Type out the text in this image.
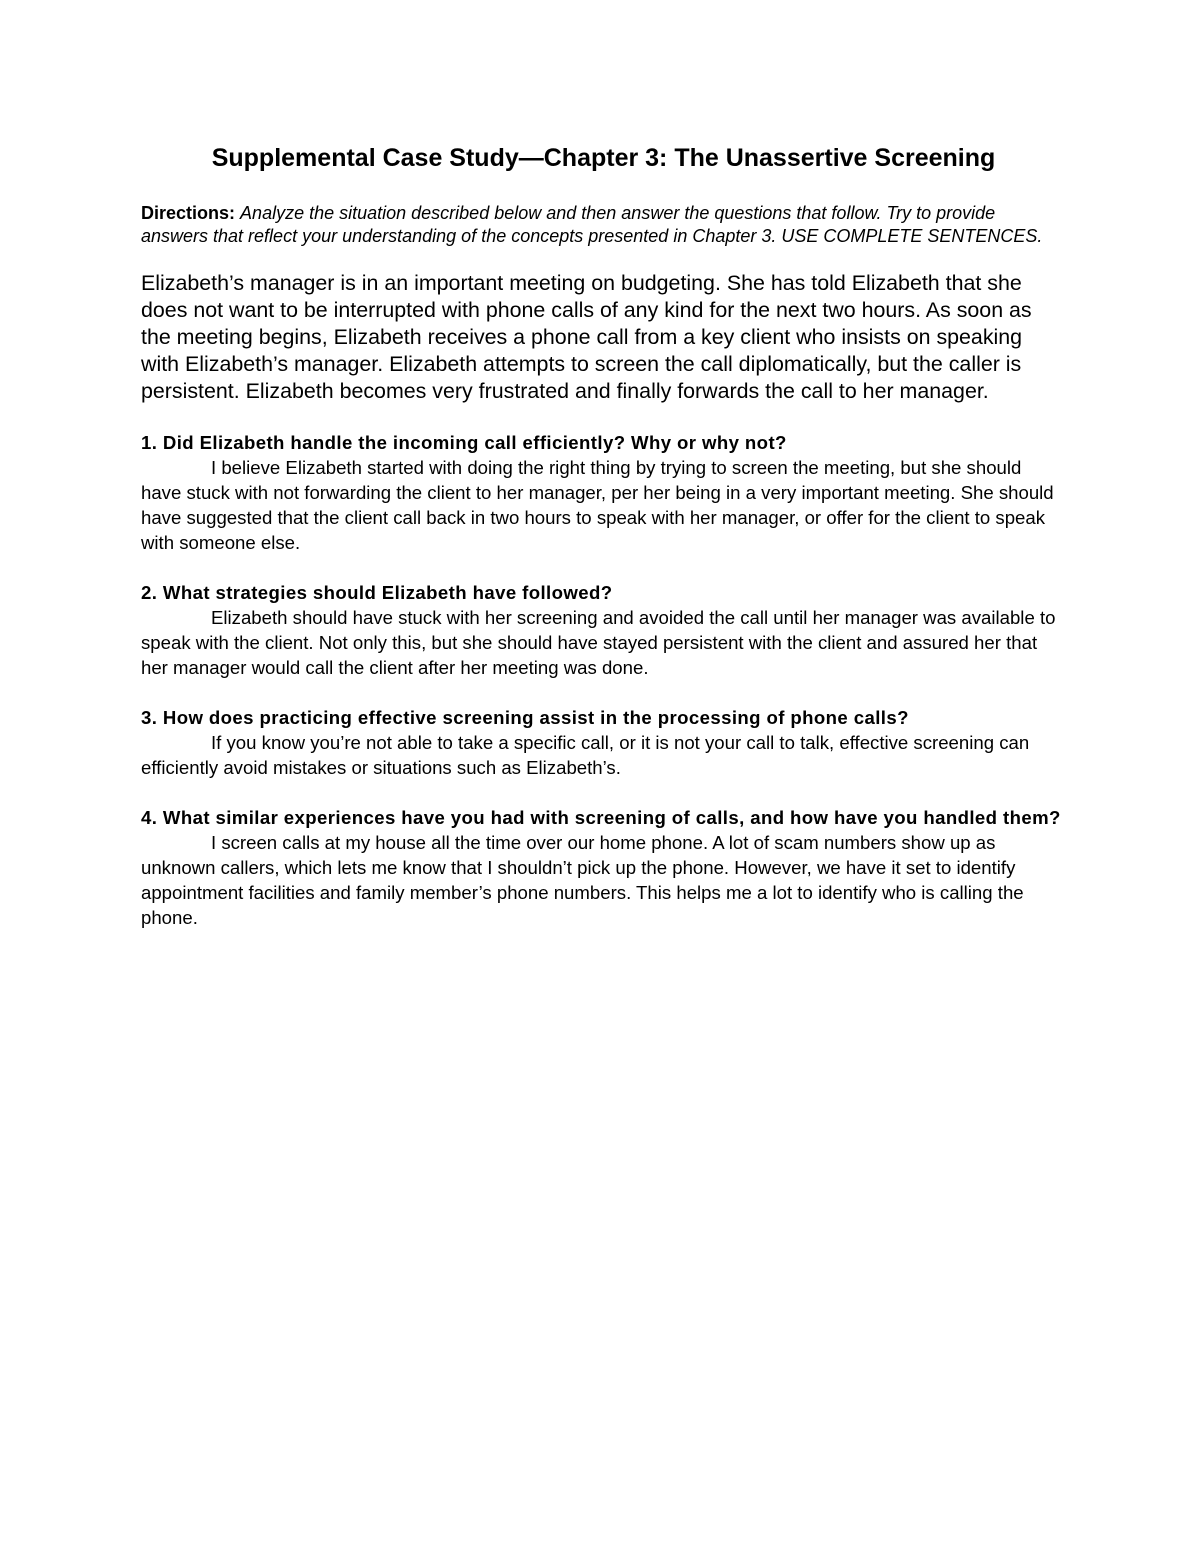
Supplemental Case Study—Chapter 3: The Unassertive Screening

Directions: Analyze the situation described below and then answer the questions that follow. Try to provide answers that reflect your understanding of the concepts presented in Chapter 3. USE COMPLETE SENTENCES.

Elizabeth’s manager is in an important meeting on budgeting. She has told Elizabeth that she does not want to be interrupted with phone calls of any kind for the next two hours. As soon as the meeting begins, Elizabeth receives a phone call from a key client who insists on speaking with Elizabeth’s manager. Elizabeth attempts to screen the call diplomatically, but the caller is persistent. Elizabeth becomes very frustrated and finally forwards the call to her manager.

1. Did Elizabeth handle the incoming call efficiently? Why or why not?

I believe Elizabeth started with doing the right thing by trying to screen the meeting, but she should have stuck with not forwarding the client to her manager, per her being in a very important meeting. She should have suggested that the client call back in two hours to speak with her manager, or offer for the client to speak with someone else.

2. What strategies should Elizabeth have followed?

Elizabeth should have stuck with her screening and avoided the call until her manager was available to speak with the client. Not only this, but she should have stayed persistent with the client and assured her that her manager would call the client after her meeting was done.

3. How does practicing effective screening assist in the processing of phone calls?

If you know you’re not able to take a specific call, or it is not your call to talk, effective screening can efficiently avoid mistakes or situations such as Elizabeth’s.

4. What similar experiences have you had with screening of calls, and how have you handled them?

I screen calls at my house all the time over our home phone. A lot of scam numbers show up as unknown callers, which lets me know that I shouldn’t pick up the phone. However, we have it set to identify appointment facilities and family member’s phone numbers. This helps me a lot to identify who is calling the phone.
